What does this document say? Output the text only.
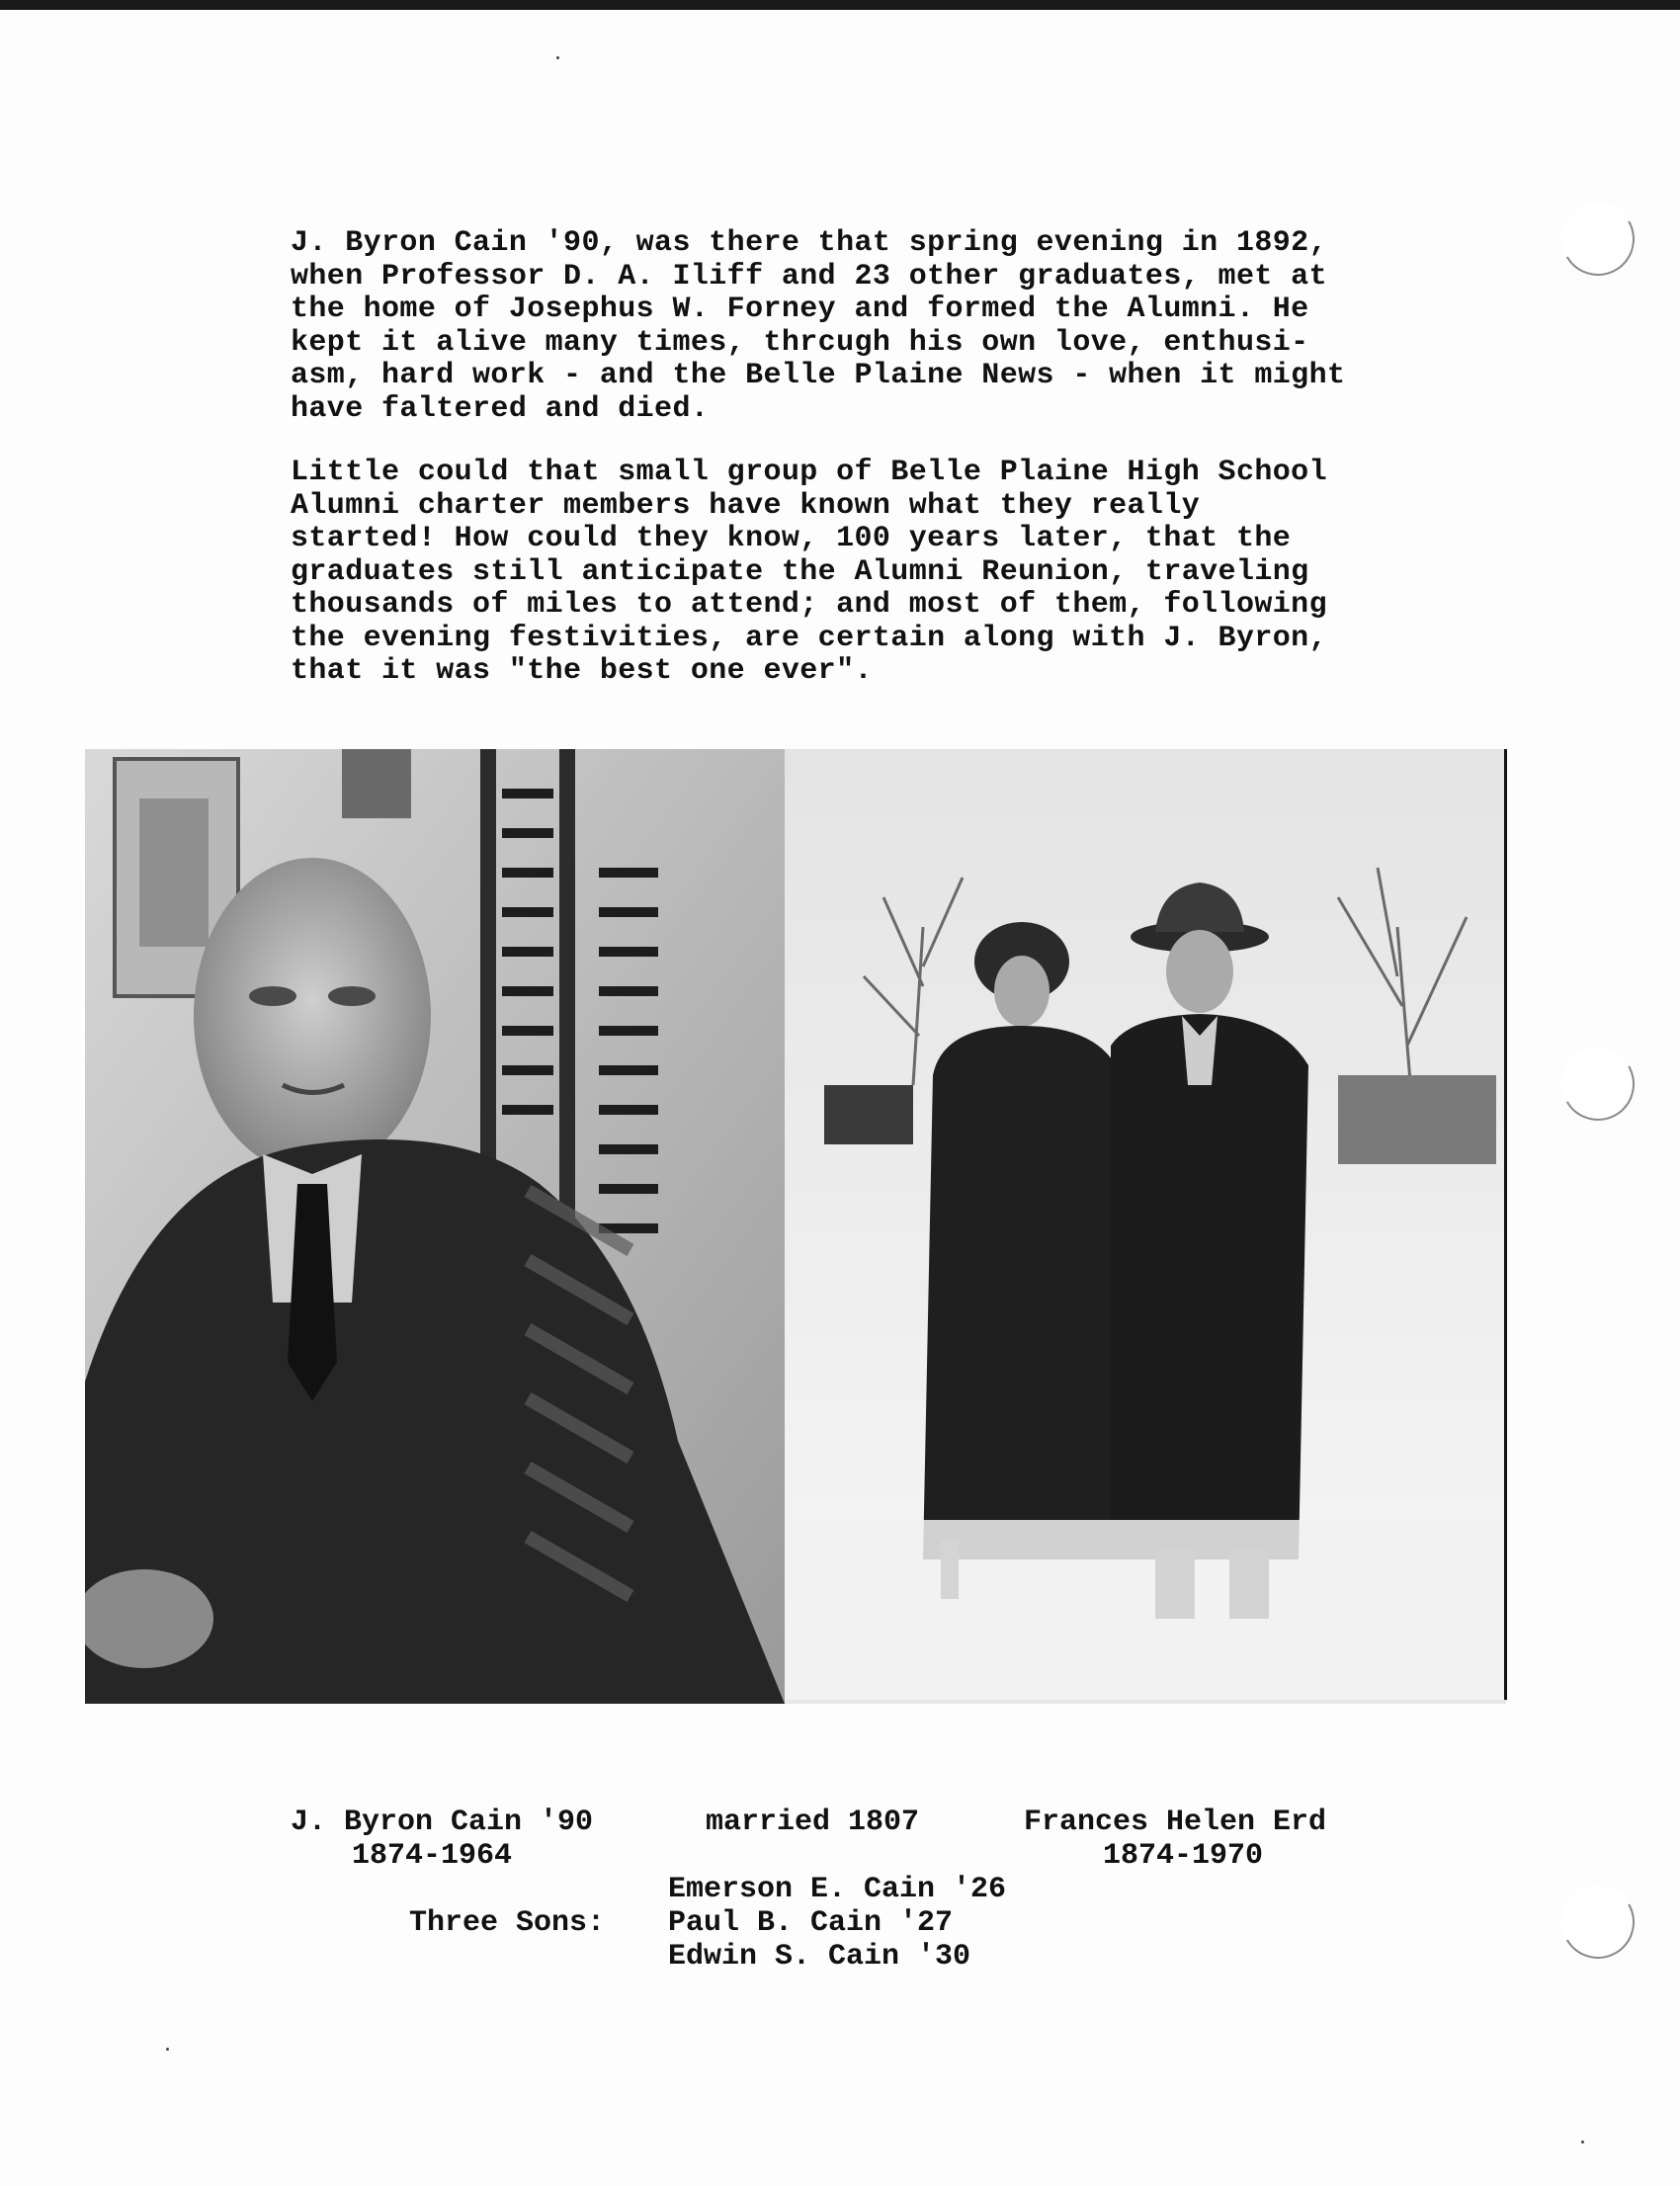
J. Byron Cain '90, was there that spring evening in 1892,
when Professor D. A. Iliff and 23 other graduates, met at
the home of Josephus W. Forney and formed the Alumni. He
kept it alive many times, thrcugh his own love, enthusi-
asm, hard work - and the Belle Plaine News - when it might
have faltered and died.

Little could that small group of Belle Plaine High School
Alumni charter members have known what they really
started! How could they know, 100 years later, that the
graduates still anticipate the Alumni Reunion, traveling
thousands of miles to attend; and most of them, following
the evening festivities, are certain along with J. Byron,
that it was "the best one ever".

J. Byron Cain '90

1874-1964

married 1807	Frances Helen Erd

1874-1970

Three Sons:

Emerson E. Cain '26

Paul B. Cain '27

Edwin S. Cain '30
